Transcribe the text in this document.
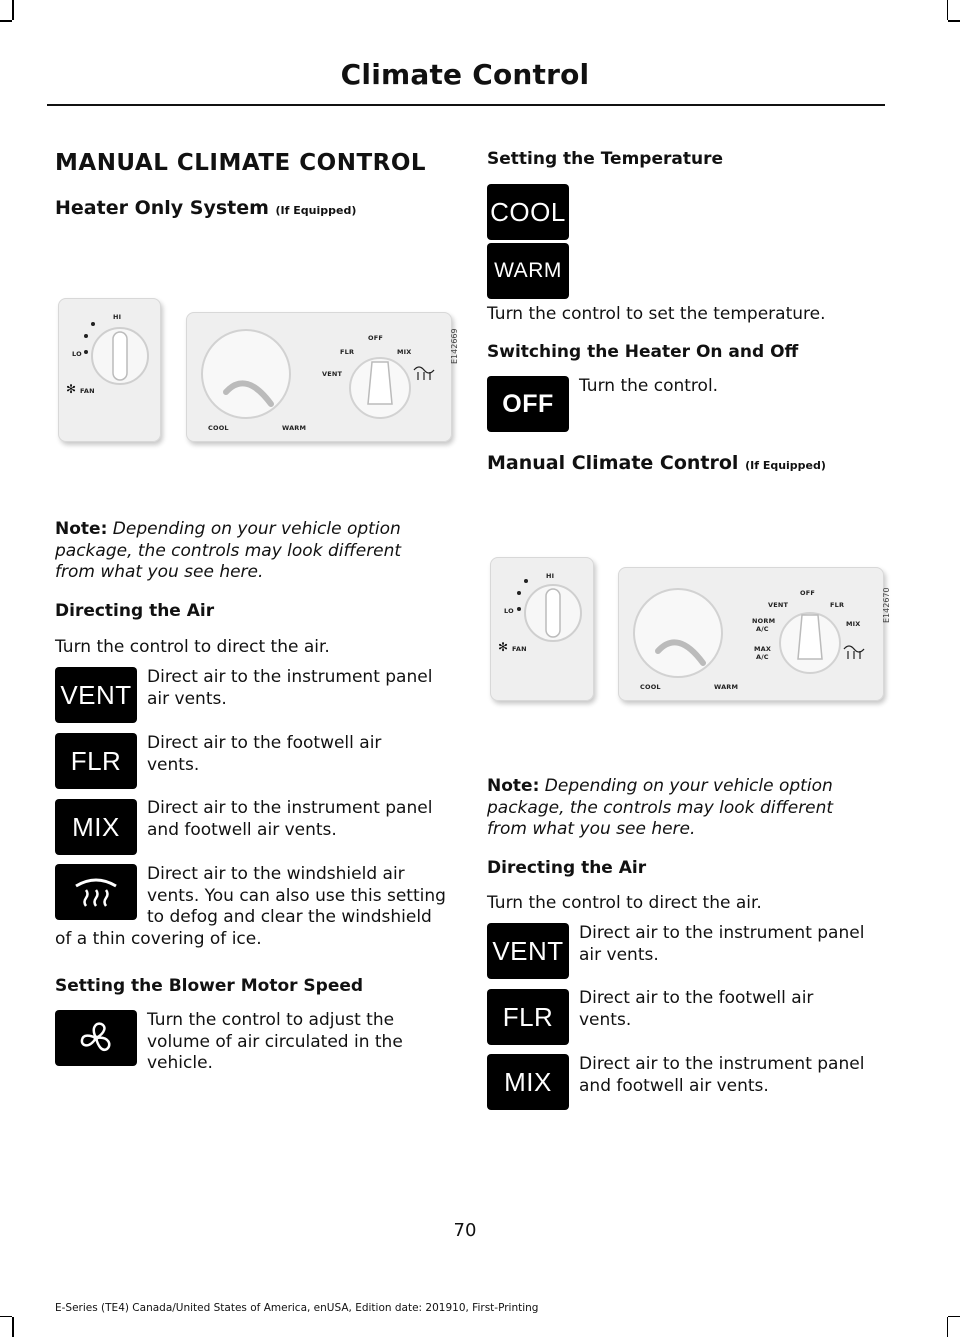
Climate Control
MANUAL CLIMATE CONTROL
Heater Only System (If Equipped)
HI
LO
FAN
✻
OFF
FLR	MIX
VENT
COOL	WARM
E142669

Note: Depending on your vehicle option package, the controls may look different from what you see here.

Directing the Air

Turn the control to direct the air.

VENT

Direct air to the instrument panel air vents.

FLR

Direct air to the footwell air vents.

MIX

Direct air to the instrument panel and footwell air vents.

Direct air to the windshield air vents. You can also use this setting to defog and clear the windshield of a thin covering of ice.

Setting the Blower Motor Speed

Turn the control to adjust the volume of air circulated in the vehicle.

Setting the Temperature
COOL
WARM

Turn the control to set the temperature.

Switching the Heater On and Off
OFF

Turn the control.

Manual Climate Control (If Equipped)
HI
LO
FAN
✻
OFF
VENT	FLR
NORM
A/C
MIX
MAX
A/C
COOL	WARM
E142670

Note: Depending on your vehicle option package, the controls may look different from what you see here.

Directing the Air

Turn the control to direct the air.

VENT

Direct air to the instrument panel air vents.

FLR

Direct air to the footwell air vents.

MIX

Direct air to the instrument panel and footwell air vents.

70
E-Series (TE4) Canada/United States of America, enUSA, Edition date: 201910, First-Printing
